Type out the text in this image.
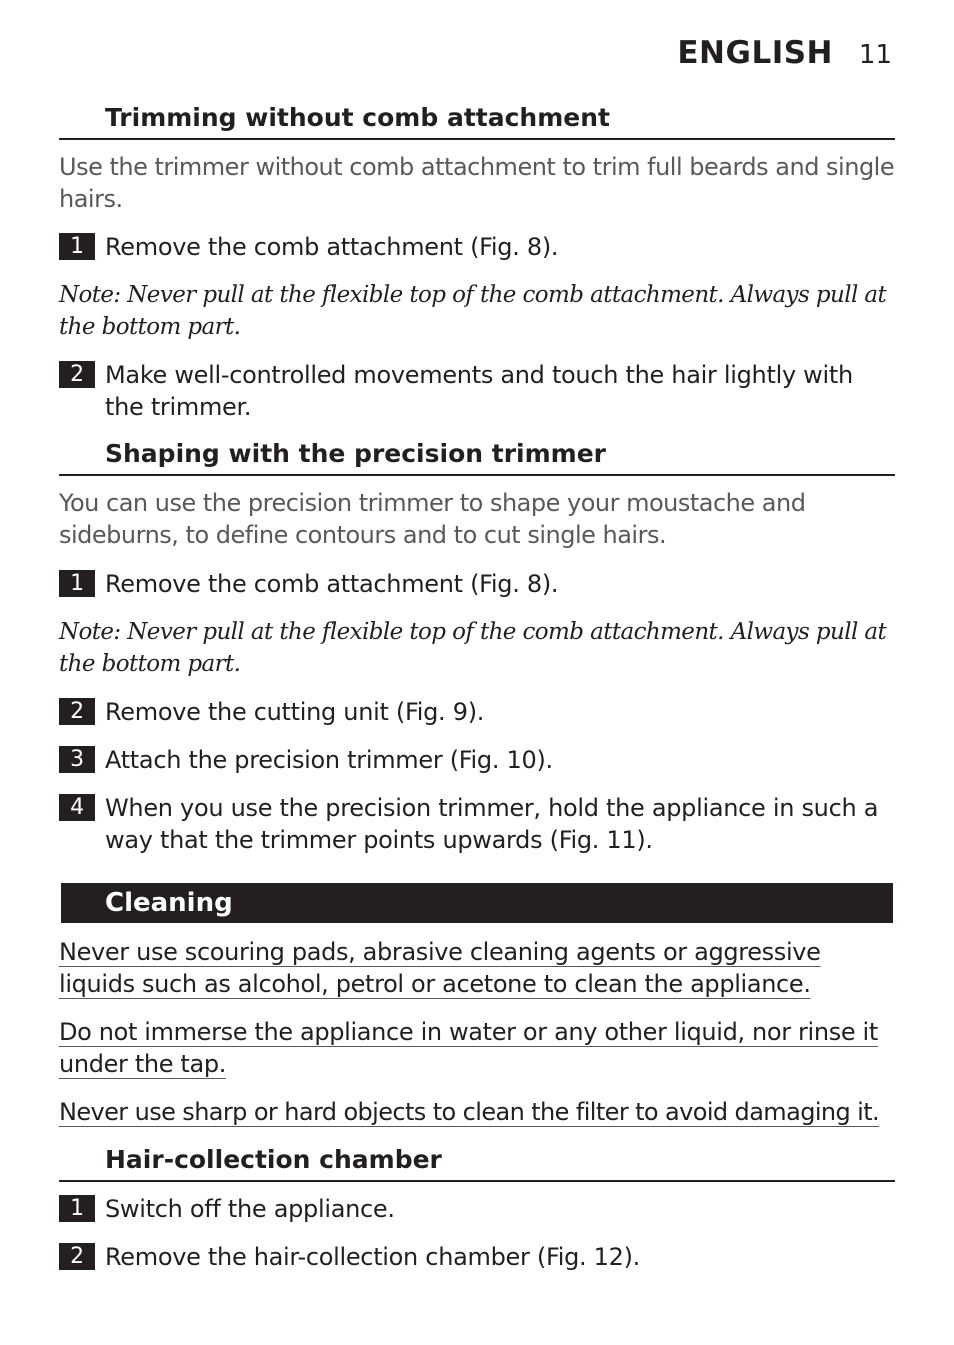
ENGLISH 11
Trimming without comb attachment
Use the trimmer without comb attachment to trim full beards and single hairs.
1 Remove the comb attachment (Fig. 8).
Note: Never pull at the flexible top of the comb attachment. Always pull at the bottom part.
2 Make well-controlled movements and touch the hair lightly with the trimmer.
Shaping with the precision trimmer
You can use the precision trimmer to shape your moustache and sideburns, to define contours and to cut single hairs.
1 Remove the comb attachment (Fig. 8).
Note: Never pull at the flexible top of the comb attachment. Always pull at the bottom part.
2 Remove the cutting unit (Fig. 9).
3 Attach the precision trimmer (Fig. 10).
4 When you use the precision trimmer, hold the appliance in such a way that the trimmer points upwards (Fig. 11).
Cleaning
Never use scouring pads, abrasive cleaning agents or aggressive liquids such as alcohol, petrol or acetone to clean the appliance.
Do not immerse the appliance in water or any other liquid, nor rinse it under the tap.
Never use sharp or hard objects to clean the filter to avoid damaging it.
Hair-collection chamber
1 Switch off the appliance.
2 Remove the hair-collection chamber (Fig. 12).
